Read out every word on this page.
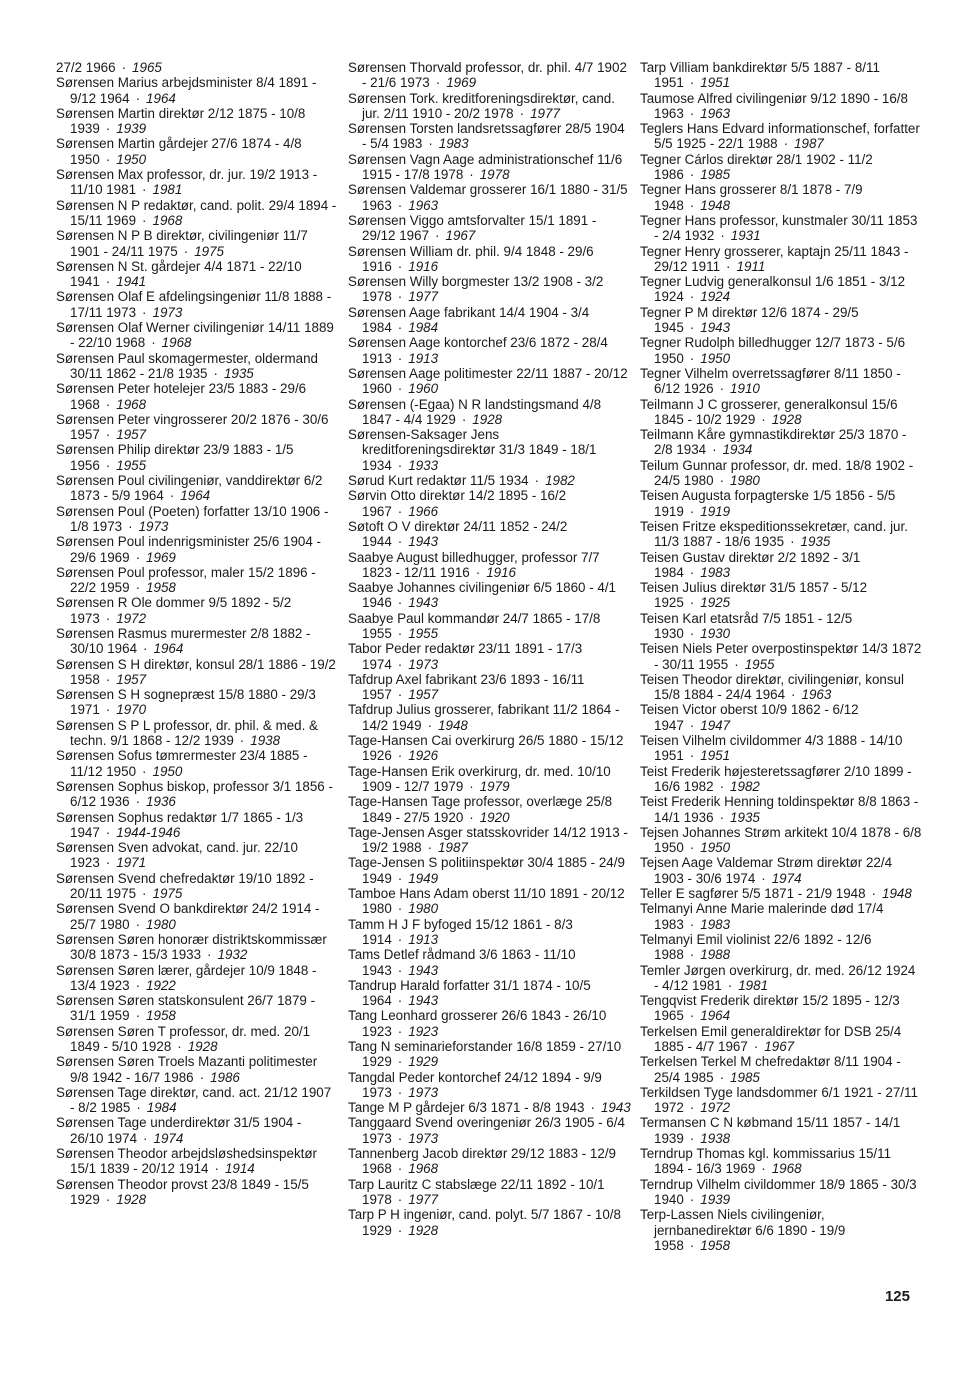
27/2 1966 · 1965

Sørensen Marius arbejdsminister 8/4 1891 - 9/12 1964 · 1964

Sørensen Martin direktør 2/12 1875 - 10/8 1939 · 1939

Sørensen Martin gårdejer 27/6 1874 - 4/8 1950 · 1950

Sørensen Max professor, dr. jur. 19/2 1913 - 11/10 1981 · 1981

Sørensen N P redaktør, cand. polit. 29/4 1894 - 15/11 1969 · 1968

Sørensen N P B direktør, civilingeniør 11/7 1901 - 24/11 1975 · 1975

Sørensen N St. gårdejer 4/4 1871 - 22/10 1941 · 1941

Sørensen Olaf E afdelingsingeniør 11/8 1888 - 17/11 1973 · 1973

Sørensen Olaf Werner civilingeniør 14/11 1889 - 22/10 1968 · 1968

Sørensen Paul skomagermester, oldermand 30/11 1862 - 21/8 1935 · 1935

Sørensen Peter hotelejer 23/5 1883 - 29/6 1968 · 1968

Sørensen Peter vingrosserer 20/2 1876 - 30/6 1957 · 1957

Sørensen Philip direktør 23/9 1883 - 1/5 1956 · 1955

Sørensen Poul civilingeniør, vanddirektør 6/2 1873 - 5/9 1964 · 1964

Sørensen Poul (Poeten) forfatter 13/10 1906 - 1/8 1973 · 1973

Sørensen Poul indenrigsminister 25/6 1904 - 29/6 1969 · 1969

Sørensen Poul professor, maler 15/2 1896 - 22/2 1959 · 1958

Sørensen R Ole dommer 9/5 1892 - 5/2 1973 · 1972

Sørensen Rasmus murermester 2/8 1882 - 30/10 1964 · 1964

Sørensen S H direktør, konsul 28/1 1886 - 19/2 1958 · 1957

Sørensen S H sognepræst 15/8 1880 - 29/3 1971 · 1970

Sørensen S P L professor, dr. phil. & med. & techn. 9/1 1868 - 12/2 1939 · 1938

Sørensen Sofus tømrermester 23/4 1885 - 11/12 1950 · 1950

Sørensen Sophus biskop, professor 3/1 1856 - 6/12 1936 · 1936

Sørensen Sophus redaktør 1/7 1865 - 1/3 1947 · 1944-1946

Sørensen Sven advokat, cand. jur. 22/10 1923 · 1971

Sørensen Svend chefredaktør 19/10 1892 - 20/11 1975 · 1975

Sørensen Svend O bankdirektør 24/2 1914 - 25/7 1980 · 1980

Sørensen Søren honorær distriktskommissær 30/8 1873 - 15/3 1933 · 1932

Sørensen Søren lærer, gårdejer 10/9 1848 - 13/4 1923 · 1922

Sørensen Søren statskonsulent 26/7 1879 - 31/1 1959 · 1958

Sørensen Søren T professor, dr. med. 20/1 1849 - 5/10 1928 · 1928

Sørensen Søren Troels Mazanti politimester 9/8 1942 - 16/7 1986 · 1986

Sørensen Tage direktør, cand. act. 21/12 1907 - 8/2 1985 · 1984

Sørensen Tage underdirektør 31/5 1904 - 26/10 1974 · 1974

Sørensen Theodor arbejdsløshedsinspektør 15/1 1839 - 20/12 1914 · 1914

Sørensen Theodor provst 23/8 1849 - 15/5 1929 · 1928

Sørensen Thorvald professor, dr. phil. 4/7 1902 - 21/6 1973 · 1969

Sørensen Tork. kreditforeningsdirektør, cand. jur. 2/11 1910 - 20/2 1978 · 1977

Sørensen Torsten landsretssagfører 28/5 1904 - 5/4 1983 · 1983

Sørensen Vagn Aage administrationschef 11/6 1915 - 17/8 1978 · 1978

Sørensen Valdemar grosserer 16/1 1880 - 31/5 1963 · 1963

Sørensen Viggo amtsforvalter 15/1 1891 - 29/12 1967 · 1967

Sørensen William dr. phil. 9/4 1848 - 29/6 1916 · 1916

Sørensen Willy borgmester 13/2 1908 - 3/2 1978 · 1977

Sørensen Aage fabrikant 14/4 1904 - 3/4 1984 · 1984

Sørensen Aage kontorchef 23/6 1872 - 28/4 1913 · 1913

Sørensen Aage politimester 22/11 1887 - 20/12 1960 · 1960

Sørensen (-Egaa) N R landstingsmand 4/8 1847 - 4/4 1929 · 1928

Sørensen-Saksager Jens kreditforeningsdirektør 31/3 1849 - 18/1 1934 · 1933

Sørud Kurt redaktør 11/5 1934 · 1982

Sørvin Otto direktør 14/2 1895 - 16/2 1967 · 1966

Søtoft O V direktør 24/11 1852 - 24/2 1944 · 1943

Saabye August billedhugger, professor 7/7 1823 - 12/11 1916 · 1916

Saabye Johannes civilingeniør 6/5 1860 - 4/1 1946 · 1943

Saabye Paul kommandør 24/7 1865 - 17/8 1955 · 1955

Tabor Peder redaktør 23/11 1891 - 17/3 1974 · 1973

Tafdrup Axel fabrikant 23/6 1893 - 16/11 1957 · 1957

Tafdrup Julius grosserer, fabrikant 11/2 1864 - 14/2 1949 · 1948

Tage-Hansen Cai overkirurg 26/5 1880 - 15/12 1926 · 1926

Tage-Hansen Erik overkirurg, dr. med. 10/10 1909 - 12/7 1979 · 1979

Tage-Hansen Tage professor, overlæge 25/8 1849 - 27/5 1920 · 1920

Tage-Jensen Asger statsskovrider 14/12 1913 - 19/2 1988 · 1987

Tage-Jensen S politiinspektør 30/4 1885 - 24/9 1949 · 1949

Tamboe Hans Adam oberst 11/10 1891 - 20/12 1980 · 1980

Tamm H J F byfoged 15/12 1861 - 8/3 1914 · 1913

Tams Detlef rådmand 3/6 1863 - 11/10 1943 · 1943

Tandrup Harald forfatter 31/1 1874 - 10/5 1964 · 1943

Tang Leonhard grosserer 26/6 1843 - 26/10 1923 · 1923

Tang N seminarieforstander 16/8 1859 - 27/10 1929 · 1929

Tangdal Peder kontorchef 24/12 1894 - 9/9 1973 · 1973

Tange M P gårdejer 6/3 1871 - 8/8 1943 · 1943

Tanggaard Svend overingeniør 26/3 1905 - 6/4 1973 · 1973

Tannenberg Jacob direktør 29/12 1883 - 12/9 1968 · 1968

Tarp Lauritz C stabslæge 22/11 1892 - 10/1 1978 · 1977

Tarp P H ingeniør, cand. polyt. 5/7 1867 - 10/8 1929 · 1928

Tarp Villiam bankdirektør 5/5 1887 - 8/11 1951 · 1951

Taumose Alfred civilingeniør 9/12 1890 - 16/8 1963 · 1963

Teglers Hans Edvard informationschef, forfatter 5/5 1925 - 22/1 1988 · 1987

Tegner Cárlos direktør 28/1 1902 - 11/2 1986 · 1985

Tegner Hans grosserer 8/1 1878 - 7/9 1948 · 1948

Tegner Hans professor, kunstmaler 30/11 1853 - 2/4 1932 · 1931

Tegner Henry grosserer, kaptajn 25/11 1843 - 29/12 1911 · 1911

Tegner Ludvig generalkonsul 1/6 1851 - 3/12 1924 · 1924

Tegner P M direktør 12/6 1874 - 29/5 1945 · 1943

Tegner Rudolph billedhugger 12/7 1873 - 5/6 1950 · 1950

Tegner Vilhelm overretssagfører 8/11 1850 - 6/12 1926 · 1910

Teilmann J C grosserer, generalkonsul 15/6 1845 - 10/2 1929 · 1928

Teilmann Kåre gymnastikdirektør 25/3 1870 - 2/8 1934 · 1934

Teilum Gunnar professor, dr. med. 18/8 1902 - 24/5 1980 · 1980

Teisen Augusta forpagterske 1/5 1856 - 5/5 1919 · 1919

Teisen Fritze ekspeditionssekretær, cand. jur. 11/3 1887 - 18/6 1935 · 1935

Teisen Gustav direktør 2/2 1892 - 3/1 1984 · 1983

Teisen Julius direktør 31/5 1857 - 5/12 1925 · 1925

Teisen Karl etatsråd 7/5 1851 - 12/5 1930 · 1930

Teisen Niels Peter overpostinspektør 14/3 1872 - 30/11 1955 · 1955

Teisen Theodor direktør, civilingeniør, konsul 15/8 1884 - 24/4 1964 · 1963

Teisen Victor oberst 10/9 1862 - 6/12 1947 · 1947

Teisen Vilhelm civildommer 4/3 1888 - 14/10 1951 · 1951

Teist Frederik højesteretssagfører 2/10 1899 - 16/6 1982 · 1982

Teist Frederik Henning toldinspektør 8/8 1863 - 14/1 1936 · 1935

Tejsen Johannes Strøm arkitekt 10/4 1878 - 6/8 1950 · 1950

Tejsen Aage Valdemar Strøm direktør 22/4 1903 - 30/6 1974 · 1974

Teller E sagfører 5/5 1871 - 21/9 1948 · 1948

Telmanyi Anne Marie malerinde død 17/4 1983 · 1983

Telmanyi Emil violinist 22/6 1892 - 12/6 1988 · 1988

Temler Jørgen overkirurg, dr. med. 26/12 1924 - 4/12 1981 · 1981

Tengqvist Frederik direktør 15/2 1895 - 12/3 1965 · 1964

Terkelsen Emil generaldirektør for DSB 25/4 1885 - 4/7 1967 · 1967

Terkelsen Terkel M chefredaktør 8/11 1904 - 25/4 1985 · 1985

Terkildsen Tyge landsdommer 6/1 1921 - 27/11 1972 · 1972

Termansen C N købmand 15/11 1857 - 14/1 1939 · 1938

Terndrup Thomas kgl. kommissarius 15/11 1894 - 16/3 1969 · 1968

Terndrup Vilhelm civildommer 18/9 1865 - 30/3 1940 · 1939

Terp-Lassen Niels civilingeniør, jernbanedirektør 6/6 1890 - 19/9 1958 · 1958

125
